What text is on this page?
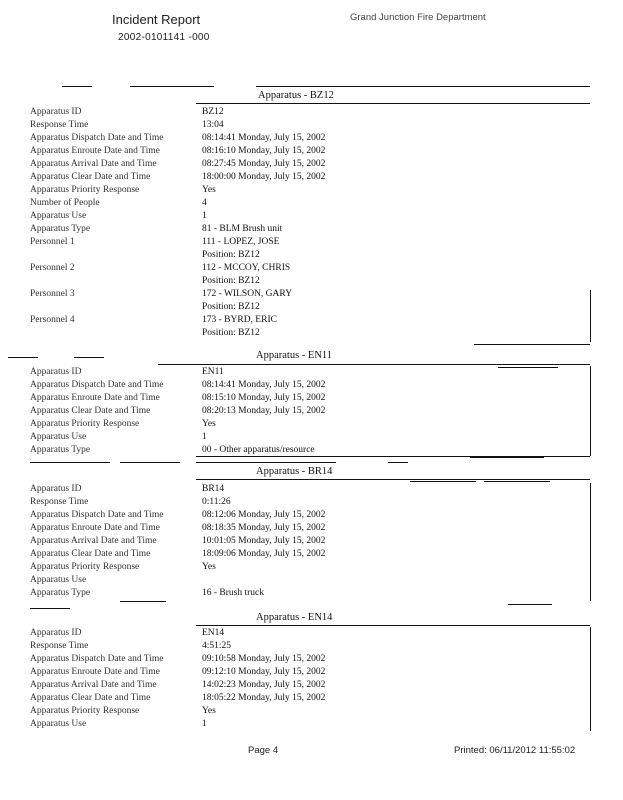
Incident Report
2002-0101141 -000
Grand Junction Fire Department
Apparatus - BZ12
Apparatus ID	BZ12
Response Time	13:04
Apparatus Dispatch Date and Time	08:14:41 Monday, July 15, 2002
Apparatus Enroute Date and Time	08:16:10 Monday, July 15, 2002
Apparatus Arrival Date and Time	08:27:45 Monday, July 15, 2002
Apparatus Clear Date and Time	18:00:00 Monday, July 15, 2002
Apparatus Priority Response	Yes
Number of People	4
Apparatus Use	1
Apparatus Type	81 - BLM Brush unit
Personnel 1	111 - LOPEZ, JOSE
Position: BZ12
Personnel 2	112 - MCCOY, CHRIS
Position: BZ12
Personnel 3	172 - WILSON, GARY
Position: BZ12
Personnel 4	173 - BYRD, ERIC
Position: BZ12
Apparatus - EN11
Apparatus ID	EN11
Apparatus Dispatch Date and Time	08:14:41 Monday, July 15, 2002
Apparatus Enroute Date and Time	08:15:10 Monday, July 15, 2002
Apparatus Clear Date and Time	08:20:13 Monday, July 15, 2002
Apparatus Priority Response	Yes
Apparatus Use	1
Apparatus Type	00 - Other apparatus/resource
Apparatus - BR14
Apparatus ID	BR14
Response Time	0:11:26
Apparatus Dispatch Date and Time	08:12:06 Monday, July 15, 2002
Apparatus Enroute Date and Time	08:18:35 Monday, July 15, 2002
Apparatus Arrival Date and Time	10:01:05 Monday, July 15, 2002
Apparatus Clear Date and Time	18:09:06 Monday, July 15, 2002
Apparatus Priority Response	Yes
Apparatus Use
Apparatus Type	16 - Brush truck
Apparatus - EN14
Apparatus ID	EN14
Response Time	4:51:25
Apparatus Dispatch Date and Time	09:10:58 Monday, July 15, 2002
Apparatus Enroute Date and Time	09:12:10 Monday, July 15, 2002
Apparatus Arrival Date and Time	14:02:23 Monday, July 15, 2002
Apparatus Clear Date and Time	18:05:22 Monday, July 15, 2002
Apparatus Priority Response	Yes
Apparatus Use	1
Page 4	Printed: 06/11/2012 11:55:02
